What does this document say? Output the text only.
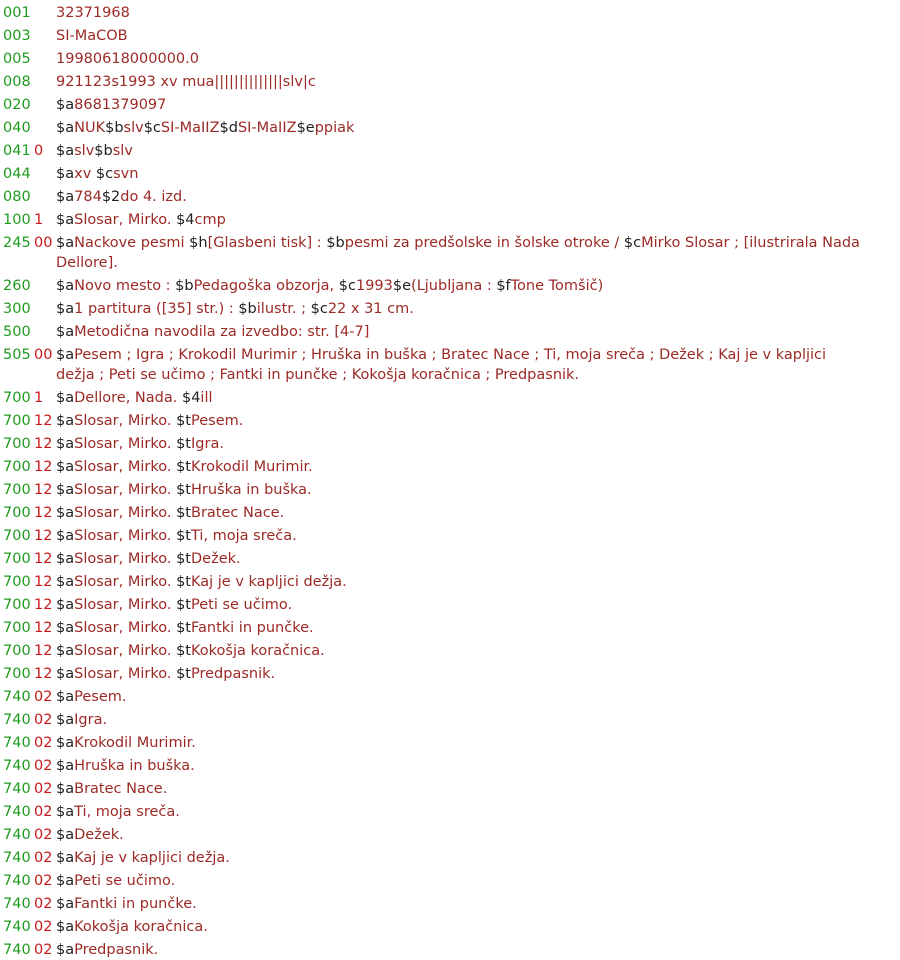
001 32371968
003 SI-MaCOB
005 19980618000000.0
008 921123s1993 xv mua||||||||||||||slv|c
020 $a8681379097
040 $aNUK$bslv$cSI-MaIIZ$dSI-MaIIZ$eppiak
041 0 $aslv$bslv
044 $axv $csvn
080 $a784$2do 4. izd.
100 1 $aSlosar, Mirko. $4cmp
245 00 $aNackove pesmi $h[Glasbeni tisk] : $bpesmi za predšolske in šolske otroke / $cMirko Slosar ; [ilustrirala Nada Dellore].
260 $aNovo mesto : $bPedagoška obzorja, $c1993$e(Ljubljana : $fTone Tomšič)
300 $a1 partitura ([35] str.) : $bilustr. ; $c22 x 31 cm.
500 $aMetodična navodila za izvedbo: str. [4-7]
505 00 $aPesem ; Igra ; Krokodil Murimir ; Hruška in buška ; Bratec Nace ; Ti, moja sreča ; Dežek ; Kaj je v kapljici dežja ; Peti se učimo ; Fantki in punčke ; Kokošja koračnica ; Predpasnik.
700 1 $aDellore, Nada. $4ill
700 12 $aSlosar, Mirko. $tPesem.
700 12 $aSlosar, Mirko. $tIgra.
700 12 $aSlosar, Mirko. $tKrokodil Murimir.
700 12 $aSlosar, Mirko. $tHruška in buška.
700 12 $aSlosar, Mirko. $tBratec Nace.
700 12 $aSlosar, Mirko. $tTi, moja sreča.
700 12 $aSlosar, Mirko. $tDežek.
700 12 $aSlosar, Mirko. $tKaj je v kapljici dežja.
700 12 $aSlosar, Mirko. $tPeti se učimo.
700 12 $aSlosar, Mirko. $tFantki in punčke.
700 12 $aSlosar, Mirko. $tKokošja koračnica.
700 12 $aSlosar, Mirko. $tPredpasnik.
740 02 $aPesem.
740 02 $aIgra.
740 02 $aKrokodil Murimir.
740 02 $aHruška in buška.
740 02 $aBratec Nace.
740 02 $aTi, moja sreča.
740 02 $aDežek.
740 02 $aKaj je v kapljici dežja.
740 02 $aPeti se učimo.
740 02 $aFantki in punčke.
740 02 $aKokošja koračnica.
740 02 $aPredpasnik.
